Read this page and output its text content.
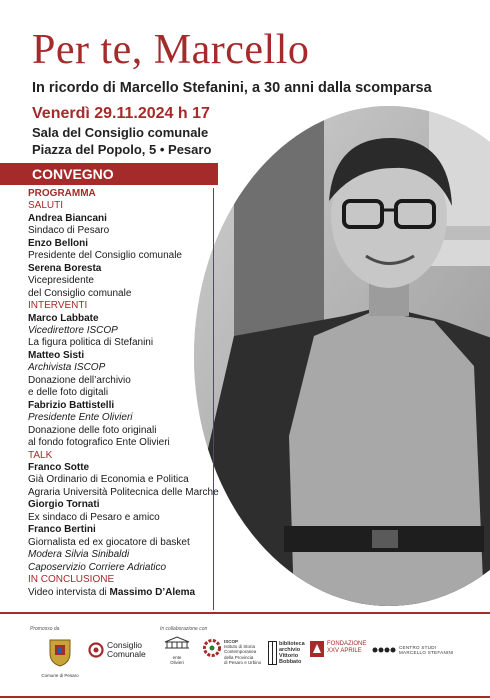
Per te, Marcello
In ricordo di Marcello Stefanini, a 30 anni dalla scomparsa
Venerdì 29.11.2024 h 17
Sala del Consiglio comunale
Piazza del Popolo, 5 • Pesaro
CONVEGNO
PROGRAMMA
SALUTI
Andrea Biancani
Sindaco di Pesaro
Enzo Belloni
Presidente del Consiglio comunale
Serena Boresta
Vicepresidente
del Consiglio comunale
INTERVENTI
Marco Labbate
Vicedirettore ISCOP
La figura politica di Stefanini
Matteo Sisti
Archivista ISCOP
Donazione dell’archivio
e delle foto digitali
Fabrizio Battistelli
Presidente Ente Olivieri
Donazione delle foto originali
al fondo fotografico Ente Olivieri
TALK
Franco Sotte
Già Ordinario di Economia e Politica
Agraria Università Politecnica delle Marche
Giorgio Tornati
Ex sindaco di Pesaro e amico
Franco Bertini
Giornalista ed ex giocatore di basket
Modera Silvia Sinibaldi
Caposervizio Corriere Adriatico
IN CONCLUSIONE
Video intervista di Massimo D’Alema
Promosso da	In collaborazione con
Comune di Pesaro
Consiglio
Comunale	ente
Olivieri
ISCOP
Istituto di Storia
Contemporanea
della Provincia
di Pesaro e Urbino
biblioteca
archivio
Vittorio
Bobbato
FONDAZIONE
XXV APRILE	CENTRO STUDI
MARCELLO STEFANINI
